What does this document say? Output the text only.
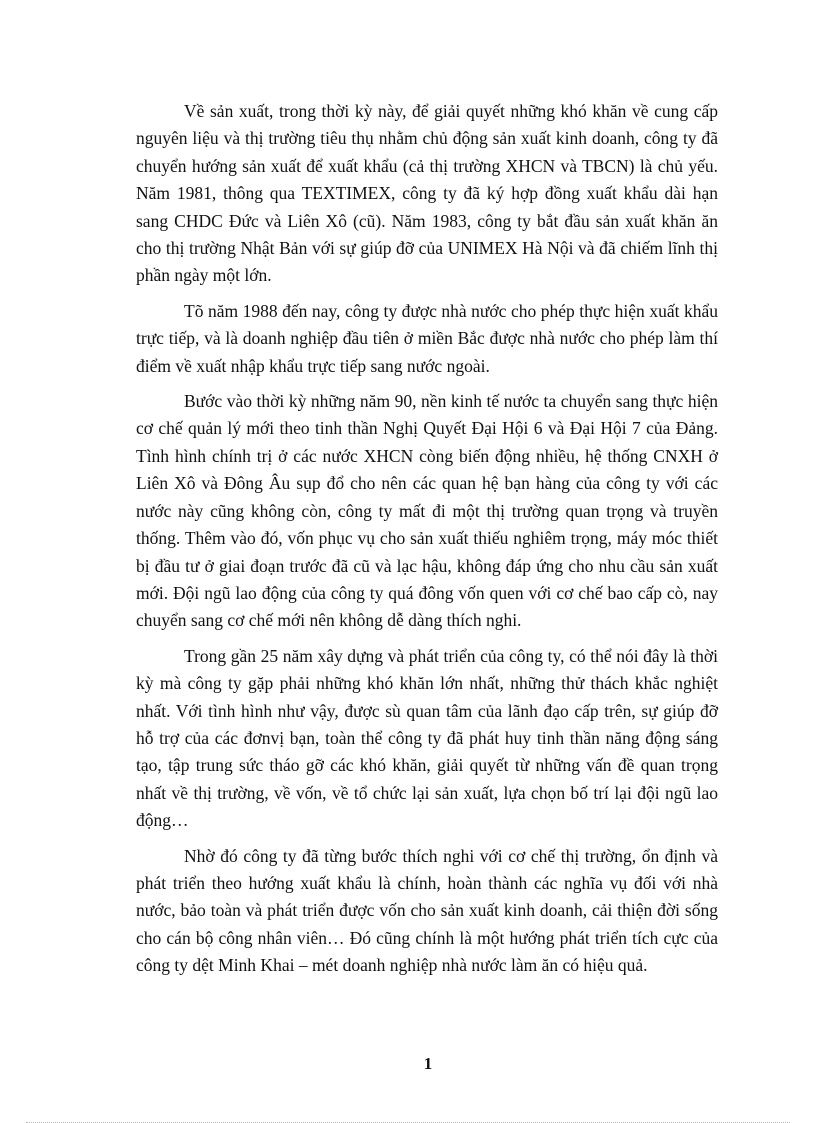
Về sản xuất, trong thời kỳ này, để giải quyết những khó khăn về cung cấp nguyên liệu và thị trường tiêu thụ nhằm chủ động sản xuất kinh doanh, công ty đã chuyển hướng sản xuất để xuất khẩu (cả thị trường XHCN và TBCN) là chủ yếu. Năm 1981, thông qua TEXTIMEX, công ty đã ký hợp đồng xuất khẩu dài hạn sang CHDC Đức và Liên Xô (cũ). Năm 1983, công ty bắt đầu sản xuất khăn ăn cho thị trường Nhật Bản với sự giúp đỡ của UNIMEX Hà Nội và đã chiếm lĩnh thị phần ngày một lớn.

Tõ năm 1988 đến nay, công ty được nhà nước cho phép thực hiện xuất khẩu trực tiếp, và là doanh nghiệp đầu tiên ở miền Bắc được nhà nước cho phép làm thí điểm về xuất nhập khẩu trực tiếp sang nước ngoài.

Bước vào thời kỳ những năm 90, nền kinh tế nước ta chuyển sang thực hiện cơ chế quản lý mới theo tinh thần Nghị Quyết Đại Hội 6 và Đại Hội 7 của Đảng. Tình hình chính trị ở các nước XHCN còng biến động nhiều, hệ thống CNXH ở Liên Xô và Đông Âu sụp đổ cho nên các quan hệ bạn hàng của công ty với các nước này cũng không còn, công ty mất đi một thị trường quan trọng và truyền thống. Thêm vào đó, vốn phục vụ cho sản xuất thiếu nghiêm trọng, máy móc thiết bị đầu tư ở giai đoạn trước đã cũ và lạc hậu, không đáp ứng cho nhu cầu sản xuất mới. Đội ngũ lao động của công ty quá đông vốn quen với cơ chế bao cấp cò, nay chuyển sang cơ chế mới nên không dễ dàng thích nghi.

Trong gần 25 năm xây dựng và phát triển của công ty, có thể nói đây là thời kỳ mà công ty gặp phải những khó khăn lớn nhất, những thử thách khắc nghiệt nhất. Với tình hình như vậy, được sù quan tâm của lãnh đạo cấp trên, sự giúp đỡ hỗ trợ của các đơnvị bạn, toàn thể công ty đã phát huy tinh thần năng động sáng tạo, tập trung sức tháo gỡ các khó khăn, giải quyết từ những vấn đề quan trọng nhất về thị trường, về vốn, về tổ chức lại sản xuất, lựa chọn bố trí lại đội ngũ lao động…

Nhờ đó công ty đã từng bước thích nghi với cơ chế thị trường, ổn định và phát triển theo hướng xuất khẩu là chính, hoàn thành các nghĩa vụ đối với nhà nước, bảo toàn và phát triển được vốn cho sản xuất kinh doanh, cải thiện đời sống cho cán bộ công nhân viên… Đó cũng chính là một hướng phát triển tích cực của công ty dệt Minh Khai – mét doanh nghiệp nhà nước làm ăn có hiệu quả.

1
